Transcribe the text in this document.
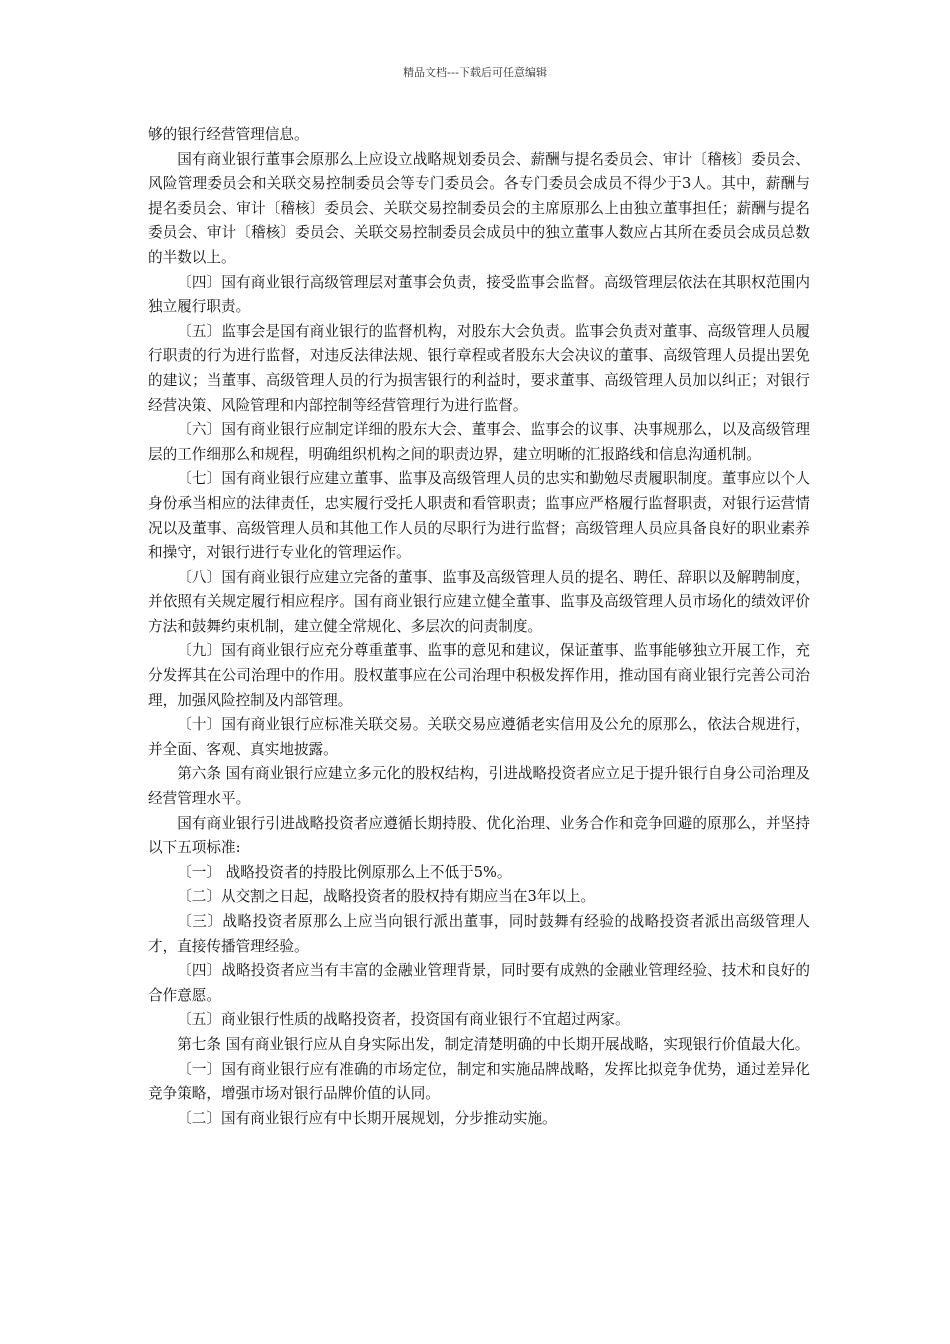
精品文档---下载后可任意编辑

够的银行经营管理信息。

国有商业银行董事会原那么上应设立战略规划委员会、薪酬与提名委员会、审计〔稽核〕委员会、风险管理委员会和关联交易控制委员会等专门委员会。各专门委员会成员不得少于3人。其中，薪酬与提名委员会、审计〔稽核〕委员会、关联交易控制委员会的主席原那么上由独立董事担任；薪酬与提名委员会、审计〔稽核〕委员会、关联交易控制委员会成员中的独立董事人数应占其所在委员会成员总数的半数以上。

〔四〕国有商业银行高级管理层对董事会负责，接受监事会监督。高级管理层依法在其职权范围内独立履行职责。

〔五〕监事会是国有商业银行的监督机构，对股东大会负责。监事会负责对董事、高级管理人员履行职责的行为进行监督，对违反法律法规、银行章程或者股东大会决议的董事、高级管理人员提出罢免的建议；当董事、高级管理人员的行为损害银行的利益时，要求董事、高级管理人员加以纠正；对银行经营决策、风险管理和内部控制等经营管理行为进行监督。

〔六〕国有商业银行应制定详细的股东大会、董事会、监事会的议事、决事规那么，以及高级管理层的工作细那么和规程，明确组织机构之间的职责边界，建立明晰的汇报路线和信息沟通机制。

〔七〕国有商业银行应建立董事、监事及高级管理人员的忠实和勤勉尽责履职制度。董事应以个人身份承当相应的法律责任，忠实履行受托人职责和看管职责；监事应严格履行监督职责，对银行运营情况以及董事、高级管理人员和其他工作人员的尽职行为进行监督；高级管理人员应具备良好的职业素养和操守，对银行进行专业化的管理运作。

〔八〕国有商业银行应建立完备的董事、监事及高级管理人员的提名、聘任、辞职以及解聘制度，并依照有关规定履行相应程序。国有商业银行应建立健全董事、监事及高级管理人员市场化的绩效评价方法和鼓舞约束机制，建立健全常规化、多层次的问责制度。

〔九〕国有商业银行应充分尊重董事、监事的意见和建议，保证董事、监事能够独立开展工作，充分发挥其在公司治理中的作用。股权董事应在公司治理中积极发挥作用，推动国有商业银行完善公司治理，加强风险控制及内部管理。

〔十〕国有商业银行应标准关联交易。关联交易应遵循老实信用及公允的原那么，依法合规进行，并全面、客观、真实地披露。

第六条 国有商业银行应建立多元化的股权结构，引进战略投资者应立足于提升银行自身公司治理及经营管理水平。

国有商业银行引进战略投资者应遵循长期持股、优化治理、业务合作和竞争回避的原那么，并坚持以下五项标准:

〔一〕 战略投资者的持股比例原那么上不低于5%。

〔二〕从交割之日起，战略投资者的股权持有期应当在3年以上。

〔三〕战略投资者原那么上应当向银行派出董事，同时鼓舞有经验的战略投资者派出高级管理人才，直接传播管理经验。

〔四〕战略投资者应当有丰富的金融业管理背景，同时要有成熟的金融业管理经验、技术和良好的合作意愿。

〔五〕商业银行性质的战略投资者，投资国有商业银行不宜超过两家。

第七条 国有商业银行应从自身实际出发，制定清楚明确的中长期开展战略，实现银行价值最大化。

〔一〕国有商业银行应有准确的市场定位，制定和实施品牌战略，发挥比拟竞争优势，通过差异化竞争策略，增强市场对银行品牌价值的认同。

〔二〕国有商业银行应有中长期开展规划，分步推动实施。
